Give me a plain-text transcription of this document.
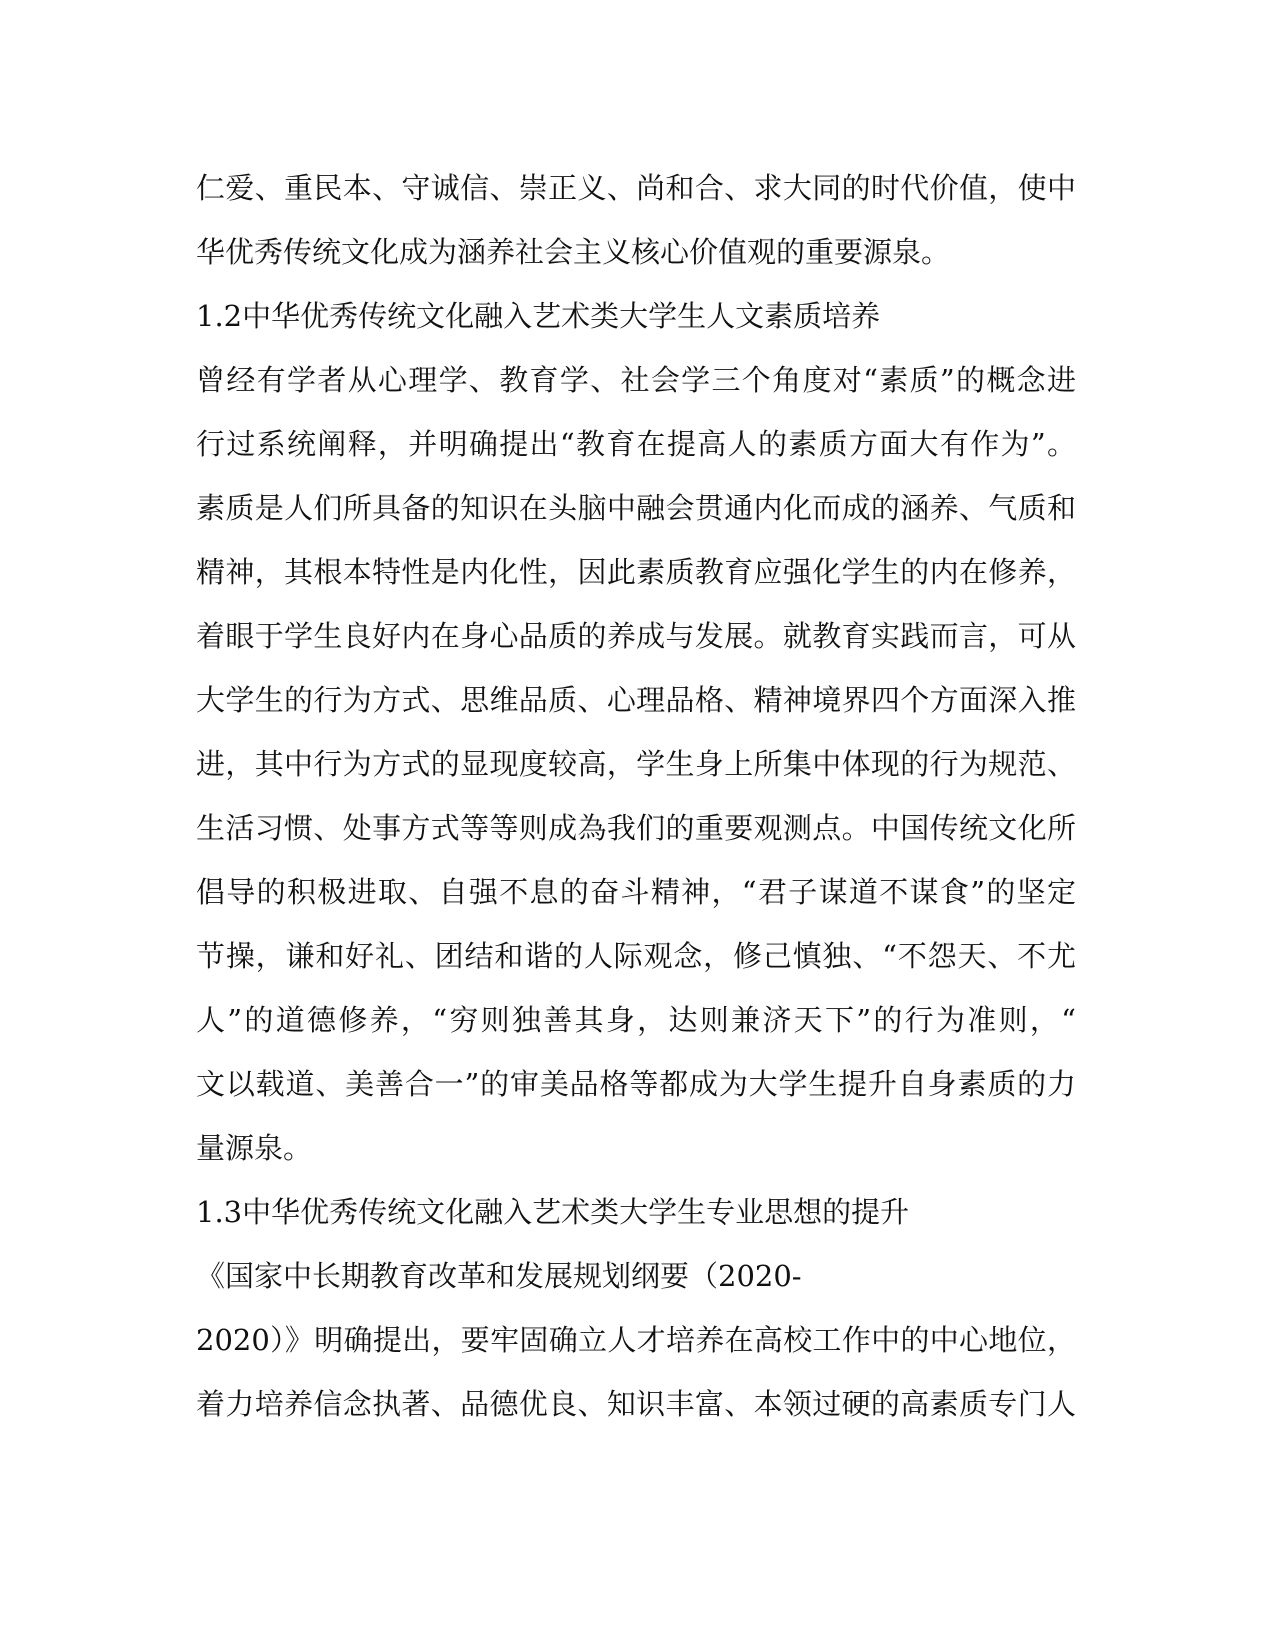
仁爱、重民本、守诚信、崇正义、尚和合、求大同的时代价值，使中
华优秀传统文化成为涵养社会主义核心价值观的重要源泉。
1.2中华优秀传统文化融入艺术类大学生人文素质培养
曾经有学者从心理学、教育学、社会学三个角度对“素质”的概念进
行过系统阐释，并明确提出“教育在提高人的素质方面大有作为”。
素质是人们所具备的知识在头脑中融会贯通内化而成的涵养、气质和
精神，其根本特性是内化性，因此素质教育应强化学生的内在修养，
着眼于学生良好内在身心品质的养成与发展。就教育实践而言，可从
大学生的行为方式、思维品质、心理品格、精神境界四个方面深入推
进，其中行为方式的显现度较高，学生身上所集中体现的行为规范、
生活习惯、处事方式等等则成為我们的重要观测点。中国传统文化所
倡导的积极进取、自强不息的奋斗精神，“君子谋道不谋食”的坚定
节操，谦和好礼、团结和谐的人际观念，修己慎独、“不怨天、不尤
人”的道德修养，“穷则独善其身，达则兼济天下”的行为准则，“
文以载道、美善合一”的审美品格等都成为大学生提升自身素质的力
量源泉。
1.3中华优秀传统文化融入艺术类大学生专业思想的提升
《国家中长期教育改革和发展规划纲要（2020-
2020）》明确提出，要牢固确立人才培养在高校工作中的中心地位，
着力培养信念执著、品德优良、知识丰富、本领过硬的高素质专门人
